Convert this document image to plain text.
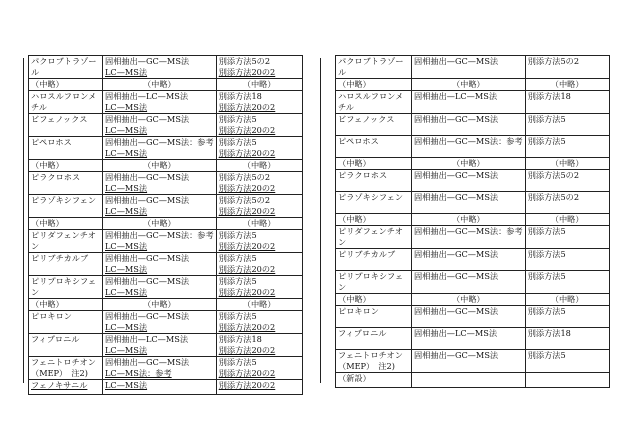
パクロブトラゾー
ル	固相抽出—GC—MS法
LC—MS法	別添方法5の2
別添方法20の2

（中略）	（中略）	（中略）

ハロスルフロンメ
チル	固相抽出—LC—MS法
LC—MS法	別添方法18
別添方法20の2

ビフェノックス	固相抽出—GC—MS法
LC—MS法	別添方法5
別添方法20の2

ピペロホス	固相抽出—GC—MS法：参考
LC—MS法	別添方法5
別添方法20の2

（中略）	（中略）	（中略）

ピラクロホス	固相抽出—GC—MS法
LC—MS法	別添方法5の2
別添方法20の2

ピラゾキシフェン	固相抽出—GC—MS法
LC—MS法	別添方法5の2
別添方法20の2

（中略）	（中略）	（中略）

ピリダフェンチオ
ン	固相抽出—GC—MS法：参考
LC—MS法	別添方法5
別添方法20の2

ピリブチカルブ	固相抽出—GC—MS法
LC—MS法	別添方法5
別添方法20の2

ピリプロキシフェ
ン	固相抽出—GC—MS法
LC—MS法	別添方法5
別添方法20の2

（中略）	（中略）	（中略）

ピロキロン	固相抽出—GC—MS法
LC—MS法	別添方法5
別添方法20の2

フィプロニル	固相抽出—LC—MS法
LC—MS法	別添方法18
別添方法20の2

フェニトロチオン
（MEP）　注2)	固相抽出—GC—MS法
LC—MS法：参考	別添方法5
別添方法20の2

フェノキサニル	LC—MS法	別添方法20の2
パクロブトラゾー
ル	固相抽出—GC—MS法	別添方法5の2

（中略）	（中略）	（中略）

ハロスルフロンメ
チル	固相抽出—LC—MS法	別添方法18

ビフェノックス	固相抽出—GC—MS法	別添方法5

ピペロホス	固相抽出—GC—MS法：参考	別添方法5

（中略）	（中略）	（中略）

ピラクロホス	固相抽出—GC—MS法	別添方法5の2

ピラゾキシフェン	固相抽出—GC—MS法	別添方法5の2

（中略）	（中略）	（中略）

ピリダフェンチオ
ン	固相抽出—GC—MS法：参考	別添方法5

ピリブチカルブ	固相抽出—GC—MS法	別添方法5

ピリプロキシフェ
ン	固相抽出—GC—MS法	別添方法5

（中略）	（中略）	（中略）

ピロキロン	固相抽出—GC—MS法	別添方法5

フィプロニル	固相抽出—LC—MS法	別添方法18

フェニトロチオン
（MEP）　注2)	固相抽出—GC—MS法	別添方法5

（新設）		
